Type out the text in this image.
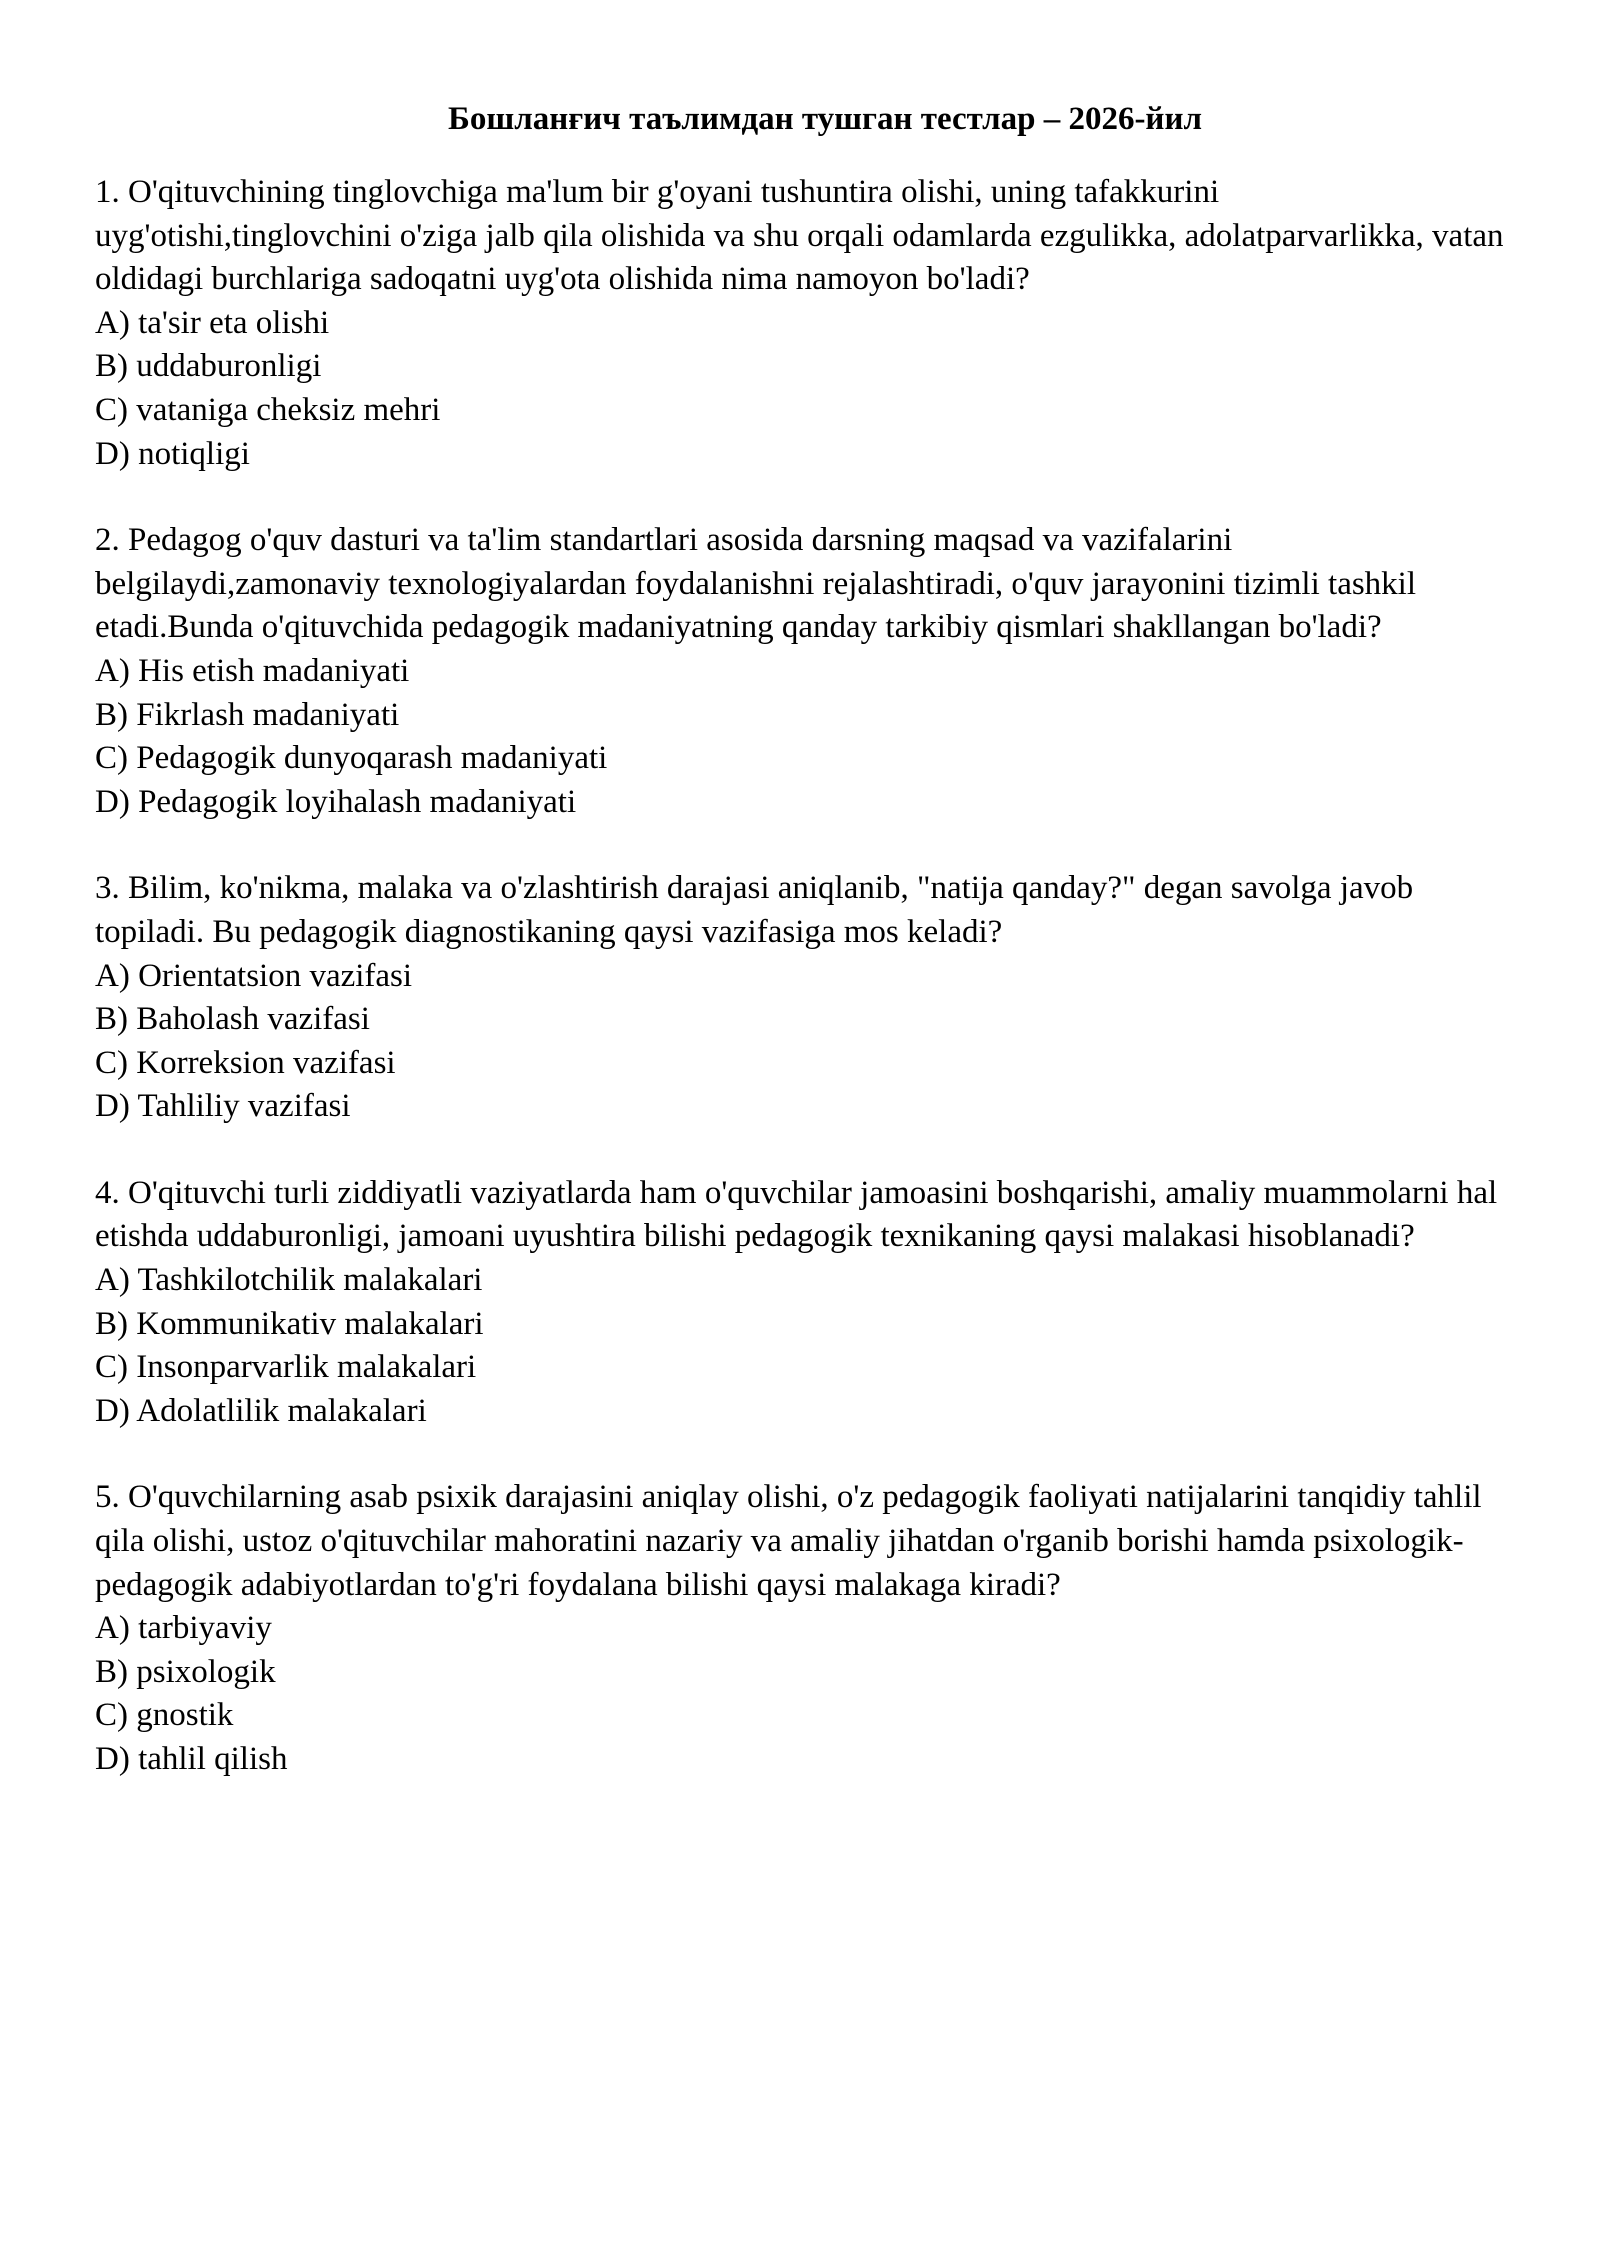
Бошланғич таълимдан тушган тестлар – 2026-йил

1. O'qituvchining tinglovchiga ma'lum bir g'oyani tushuntira olishi, uning tafakkurini uyg'otishi,tinglovchini o'ziga jalb qila olishida va shu orqali odamlarda ezgulikka, adolatparvarlikka, vatan oldidagi burchlariga sadoqatni uyg'ota olishida nima namoyon bo'ladi?

A) ta'sir eta olishi

B) uddaburonligi

C) vataniga cheksiz mehri

D) notiqligi

2. Pedagog o'quv dasturi va ta'lim standartlari asosida darsning maqsad va vazifalarini belgilaydi,zamonaviy texnologiyalardan foydalanishni rejalashtiradi, o'quv jarayonini tizimli tashkil etadi.Bunda o'qituvchida pedagogik madaniyatning qanday tarkibiy qismlari shakllangan bo'ladi?

A) His etish madaniyati

B) Fikrlash madaniyati

C) Pedagogik dunyoqarash madaniyati

D) Pedagogik loyihalash madaniyati

3. Bilim, ko'nikma, malaka va o'zlashtirish darajasi aniqlanib, "natija qanday?" degan savolga javob topiladi. Bu pedagogik diagnostikaning qaysi vazifasiga mos keladi?

A) Orientatsion vazifasi

B) Baholash vazifasi

C) Korreksion vazifasi

D) Tahliliy vazifasi

4. O'qituvchi turli ziddiyatli vaziyatlarda ham o'quvchilar jamoasini boshqarishi, amaliy muammolarni hal etishda uddaburonligi, jamoani uyushtira bilishi pedagogik texnikaning qaysi malakasi hisoblanadi?

A) Tashkilotchilik malakalari

B) Kommunikativ malakalari

C) Insonparvarlik malakalari

D) Adolatlilik malakalari

5. O'quvchilarning asab psixik darajasini aniqlay olishi, o'z pedagogik faoliyati natijalarini tanqidiy tahlil qila olishi, ustoz o'qituvchilar mahoratini nazariy va amaliy jihatdan o'rganib borishi hamda psixologik-pedagogik adabiyotlardan to'g'ri foydalana bilishi qaysi malakaga kiradi?

A) tarbiyaviy

B) psixologik

C) gnostik

D) tahlil qilish
